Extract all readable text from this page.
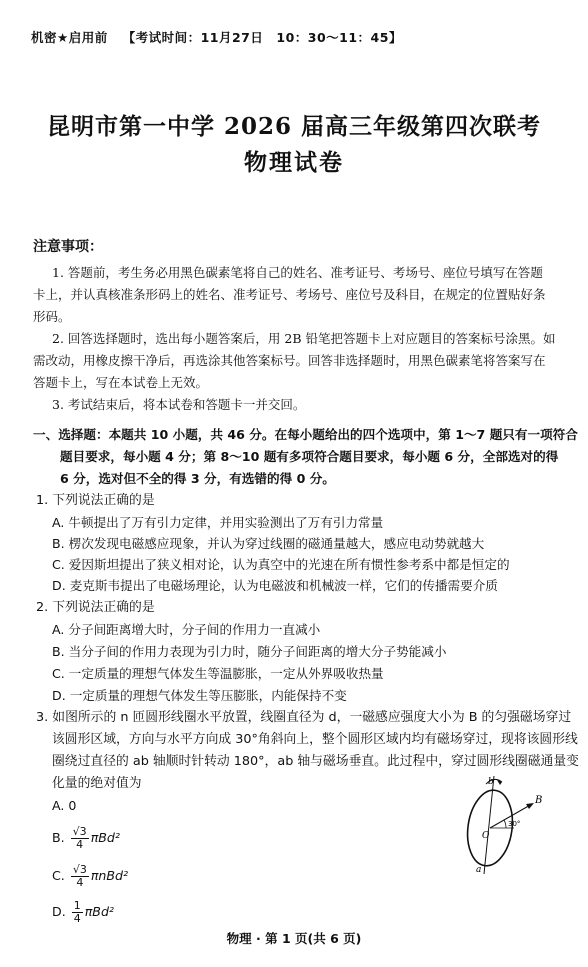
机密★启用前 【考试时间：11月27日　10：30～11：45】
昆明市第一中学 2026 届高三年级第四次联考
物理试卷
注意事项：
1. 答题前，考生务必用黑色碳素笔将自己的姓名、准考证号、考场号、座位号填写在答题
卡上，并认真核准条形码上的姓名、准考证号、考场号、座位号及科目，在规定的位置贴好条
形码。
2. 回答选择题时，选出每小题答案后，用 2B 铅笔把答题卡上对应题目的答案标号涂黑。如
需改动，用橡皮擦干净后，再选涂其他答案标号。回答非选择题时，用黑色碳素笔将答案写在
答题卡上，写在本试卷上无效。
3. 考试结束后，将本试卷和答题卡一并交回。
一、选择题：本题共 10 小题，共 46 分。在每小题给出的四个选项中，第 1～7 题只有一项符合
题目要求，每小题 4 分；第 8～10 题有多项符合题目要求，每小题 6 分，全部选对的得
6 分，选对但不全的得 3 分，有选错的得 0 分。
1. 下列说法正确的是
A. 牛顿提出了万有引力定律，并用实验测出了万有引力常量
B. 楞次发现电磁感应现象，并认为穿过线圈的磁通量越大，感应电动势就越大
C. 爱因斯坦提出了狭义相对论，认为真空中的光速在所有惯性参考系中都是恒定的
D. 麦克斯韦提出了电磁场理论，认为电磁波和机械波一样，它们的传播需要介质
2. 下列说法正确的是
A. 分子间距离增大时，分子间的作用力一直减小
B. 当分子间的作用力表现为引力时，随分子间距离的增大分子势能减小
C. 一定质量的理想气体发生等温膨胀，一定从外界吸收热量
D. 一定质量的理想气体发生等压膨胀，内能保持不变
3. 如图所示的 n 匝圆形线圈水平放置，线圈直径为 d，一磁感应强度大小为 B 的匀强磁场穿过
该圆形区域，方向与水平方向成 30°角斜向上，整个圆形区域内均有磁场穿过，现将该圆形线
圈绕过直径的 ab 轴顺时针转动 180°，ab 轴与磁场垂直。此过程中，穿过圆形线圈磁通量变
化量的绝对值为
A. 0
B. $\frac{√3}{4} \pi Bd^2$
C. $\frac{√3}{4} \pi nBd^2$
D. $\frac{1}{4} \pi Bd^2$
b
a
O
B
30°
物理 · 第 1 页(共 6 页)
